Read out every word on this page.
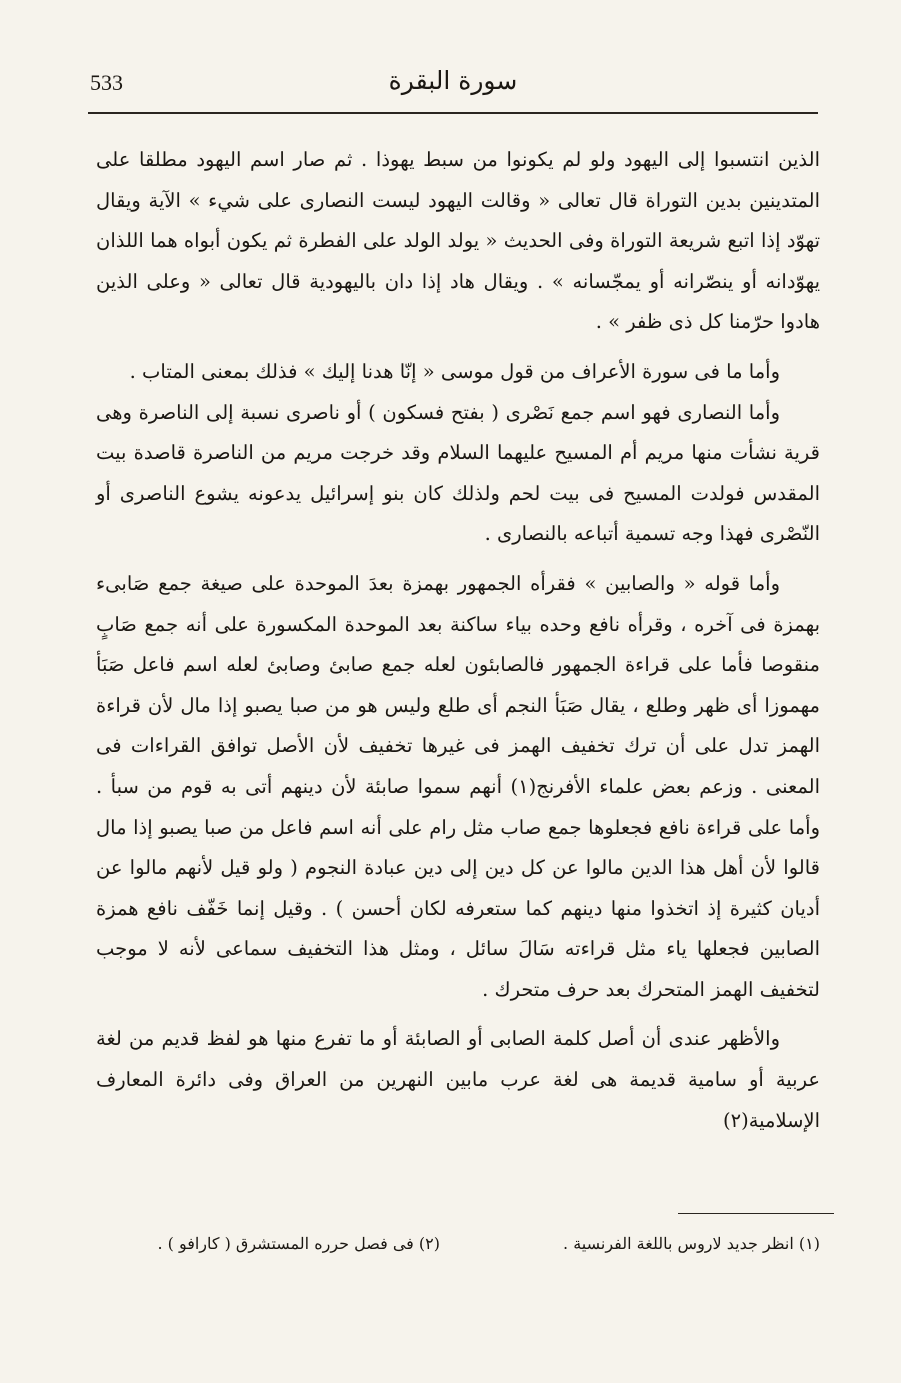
533	سورة البقرة

الذين انتسبوا إلى اليهود ولو لم يكونوا من سبط يهوذا . ثم صار اسم اليهود مطلقا على المتدينين بدين التوراة قال تعالى « وقالت اليهود ليست النصارى على شيء » الآية ويقال تهوّد إذا اتبع شريعة التوراة وفى الحديث « يولد الولد على الفطرة ثم يكون أبواه هما اللذان يهوّدانه أو ينصّرانه أو يمجّسانه » . ويقال هاد إذا دان باليهودية قال تعالى « وعلى الذين هادوا حرّمنا كل ذى ظفر » .

وأما ما فى سورة الأعراف من قول موسى « إنّا هدنا إليك » فذلك بمعنى المتاب .

وأما النصارى فهو اسم جمع نَصْرى ( بفتح فسكون ) أو ناصرى نسبة إلى الناصرة وهى قرية نشأت منها مريم أم المسيح عليهما السلام وقد خرجت مريم من الناصرة قاصدة بيت المقدس فولدت المسيح فى بيت لحم ولذلك كان بنو إسرائيل يدعونه يشوع الناصرى أو النّصْرى فهذا وجه تسمية أتباعه بالنصارى .

وأما قوله « والصابين » فقرأه الجمهور بهمزة بعدَ الموحدة على صيغة جمع صَابىء بهمزة فى آخره ، وقرأه نافع وحده بياء ساكنة بعد الموحدة المكسورة على أنه جمع صَابٍ منقوصا فأما على قراءة الجمهور فالصابئون لعله جمع صابئ وصابئ لعله اسم فاعل صَبَأ مهموزا أى ظهر وطلع ، يقال صَبَأ النجم أى طلع وليس هو من صبا يصبو إذا مال لأن قراءة الهمز تدل على أن ترك تخفيف الهمز فى غيرها تخفيف لأن الأصل توافق القراءات فى المعنى . وزعم بعض علماء الأفرنج(١) أنهم سموا صابئة لأن دينهم أتى به قوم من سبأ . وأما على قراءة نافع فجعلوها جمع صاب مثل رام على أنه اسم فاعل من صبا يصبو إذا مال قالوا لأن أهل هذا الدين مالوا عن كل دين إلى دين عبادة النجوم ( ولو قيل لأنهم مالوا عن أديان كثيرة إذ اتخذوا منها دينهم كما ستعرفه لكان أحسن ) . وقيل إنما خَفّف نافع همزة الصابين فجعلها ياء مثل قراءته سَالَ سائل ، ومثل هذا التخفيف سماعى لأنه لا موجب لتخفيف الهمز المتحرك بعد حرف متحرك .

والأظهر عندى أن أصل كلمة الصابى أو الصابئة أو ما تفرع منها هو لفظ قديم من لغة عربية أو سامية قديمة هى لغة عرب مابين النهرين من العراق وفى دائرة المعارف الإسلامية(٢)

(١) انظر جديد لاروس باللغة الفرنسية .
(٢) فى فصل حرره المستشرق ( كارافو ) .
